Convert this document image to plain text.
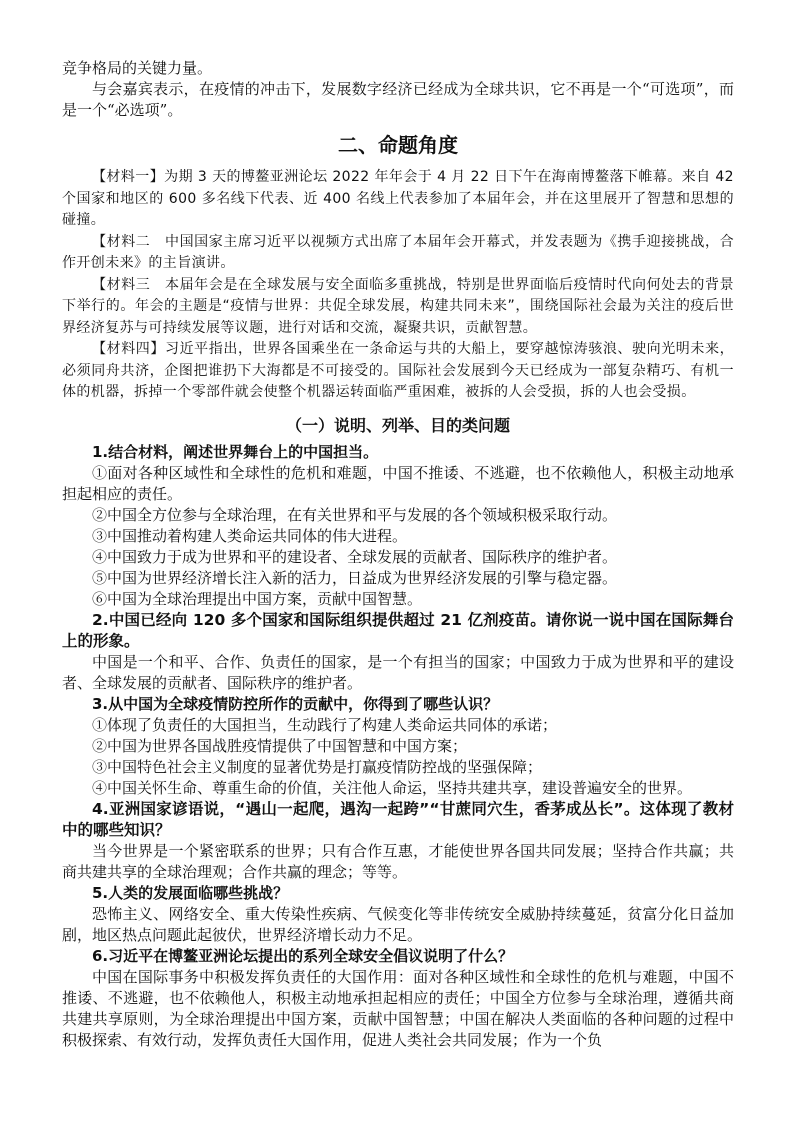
竞争格局的关键力量。

与会嘉宾表示，在疫情的冲击下，发展数字经济已经成为全球共识，它不再是一个“可选项”，而是一个“必选项”。

二、命题角度

【材料一】为期 3 天的博鳌亚洲论坛 2022 年年会于 4 月 22 日下午在海南博鳌落下帷幕。来自 42 个国家和地区的 600 多名线下代表、近 400 名线上代表参加了本届年会，并在这里展开了智慧和思想的碰撞。

【材料二　中国国家主席习近平以视频方式出席了本届年会开幕式，并发表题为《携手迎接挑战，合作开创未来》的主旨演讲。

【材料三　本届年会是在全球发展与安全面临多重挑战，特别是世界面临后疫情时代向何处去的背景下举行的。年会的主题是“疫情与世界：共促全球发展，构建共同未来”，围绕国际社会最为关注的疫后世界经济复苏与可持续发展等议题，进行对话和交流，凝聚共识，贡献智慧。

【材料四】习近平指出，世界各国乘坐在一条命运与共的大船上，要穿越惊涛骇浪、驶向光明未来，必须同舟共济，企图把谁扔下大海都是不可接受的。国际社会发展到今天已经成为一部复杂精巧、有机一体的机器，拆掉一个零部件就会使整个机器运转面临严重困难，被拆的人会受损，拆的人也会受损。

（一）说明、列举、目的类问题

1.结合材料，阐述世界舞台上的中国担当。

①面对各种区域性和全球性的危机和难题，中国不推诿、不逃避，也不依赖他人，积极主动地承担起相应的责任。

②中国全方位参与全球治理，在有关世界和平与发展的各个领域积极采取行动。

③中国推动着构建人类命运共同体的伟大进程。

④中国致力于成为世界和平的建设者、全球发展的贡献者、国际秩序的维护者。

⑤中国为世界经济增长注入新的活力，日益成为世界经济发展的引擎与稳定器。

⑥中国为全球治理提出中国方案，贡献中国智慧。

2.中国已经向 120 多个国家和国际组织提供超过 21 亿剂疫苗。请你说一说中国在国际舞台上的形象。

中国是一个和平、合作、负责任的国家，是一个有担当的国家；中国致力于成为世界和平的建设者、全球发展的贡献者、国际秩序的维护者。

3.从中国为全球疫情防控所作的贡献中，你得到了哪些认识？

①体现了负责任的大国担当，生动践行了构建人类命运共同体的承诺；

②中国为世界各国战胜疫情提供了中国智慧和中国方案；

③中国特色社会主义制度的显著优势是打赢疫情防控战的坚强保障；

④中国关怀生命、尊重生命的价值，关注他人命运，坚持共建共享，建设普遍安全的世界。

4.亚洲国家谚语说，“遇山一起爬，遇沟一起跨”“甘蔗同穴生，香茅成丛长”。这体现了教材中的哪些知识？

当今世界是一个紧密联系的世界；只有合作互惠，才能使世界各国共同发展；坚持合作共赢；共商共建共享的全球治理观；合作共赢的理念；等等。

5.人类的发展面临哪些挑战？

恐怖主义、网络安全、重大传染性疾病、气候变化等非传统安全威胁持续蔓延，贫富分化日益加剧，地区热点问题此起彼伏，世界经济增长动力不足。

6.习近平在博鳌亚洲论坛提出的系列全球安全倡议说明了什么？

中国在国际事务中积极发挥负责任的大国作用：面对各种区域性和全球性的危机与难题，中国不推诿、不逃避，也不依赖他人，积极主动地承担起相应的责任；中国全方位参与全球治理，遵循共商共建共享原则，为全球治理提出中国方案，贡献中国智慧；中国在解决人类面临的各种问题的过程中积极探索、有效行动，发挥负责任大国作用，促进人类社会共同发展；作为一个负
